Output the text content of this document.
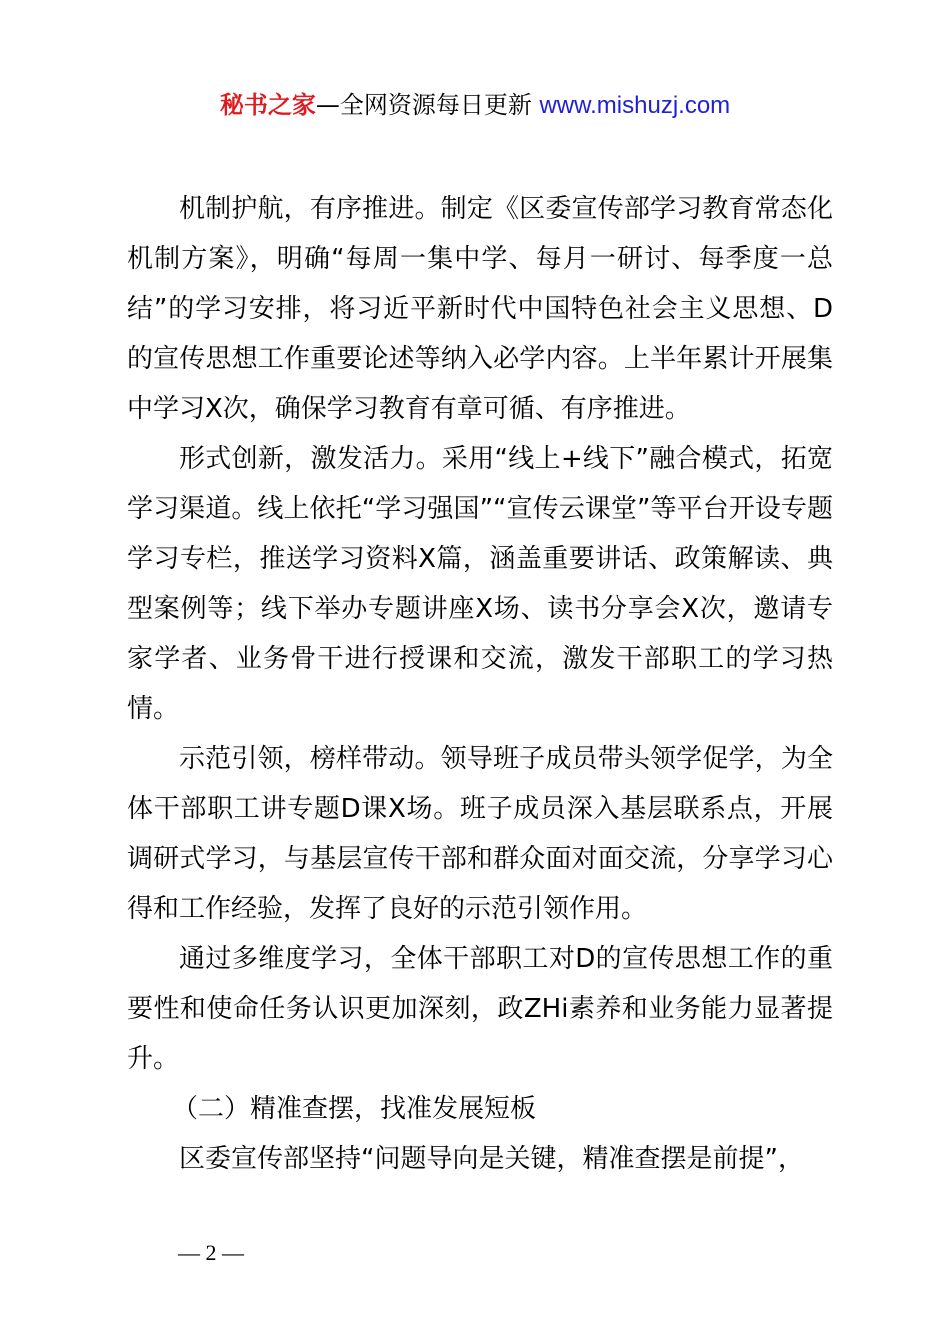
秘书之家—全网资源每日更新 www.mishuzj.com

机制护航，有序推进。制定《区委宣传部学习教育常态化机制方案》，明确“每周一集中学、每月一研讨、每季度一总结”的学习安排，将习近平新时代中国特色社会主义思想、D的宣传思想工作重要论述等纳入必学内容。上半年累计开展集中学习X次，确保学习教育有章可循、有序推进。

形式创新，激发活力。采用“线上+线下”融合模式，拓宽学习渠道。线上依托“学习强国”“宣传云课堂”等平台开设专题学习专栏，推送学习资料X篇，涵盖重要讲话、政策解读、典型案例等；线下举办专题讲座X场、读书分享会X次，邀请专家学者、业务骨干进行授课和交流，激发干部职工的学习热情。

示范引领，榜样带动。领导班子成员带头领学促学，为全体干部职工讲专题D课X场。班子成员深入基层联系点，开展调研式学习，与基层宣传干部和群众面对面交流，分享学习心得和工作经验，发挥了良好的示范引领作用。

通过多维度学习，全体干部职工对D的宣传思想工作的重要性和使命任务认识更加深刻，政ZHi素养和业务能力显著提升。

（二）精准查摆，找准发展短板

区委宣传部坚持“问题导向是关键，精准查摆是前提”，

— 2 —
